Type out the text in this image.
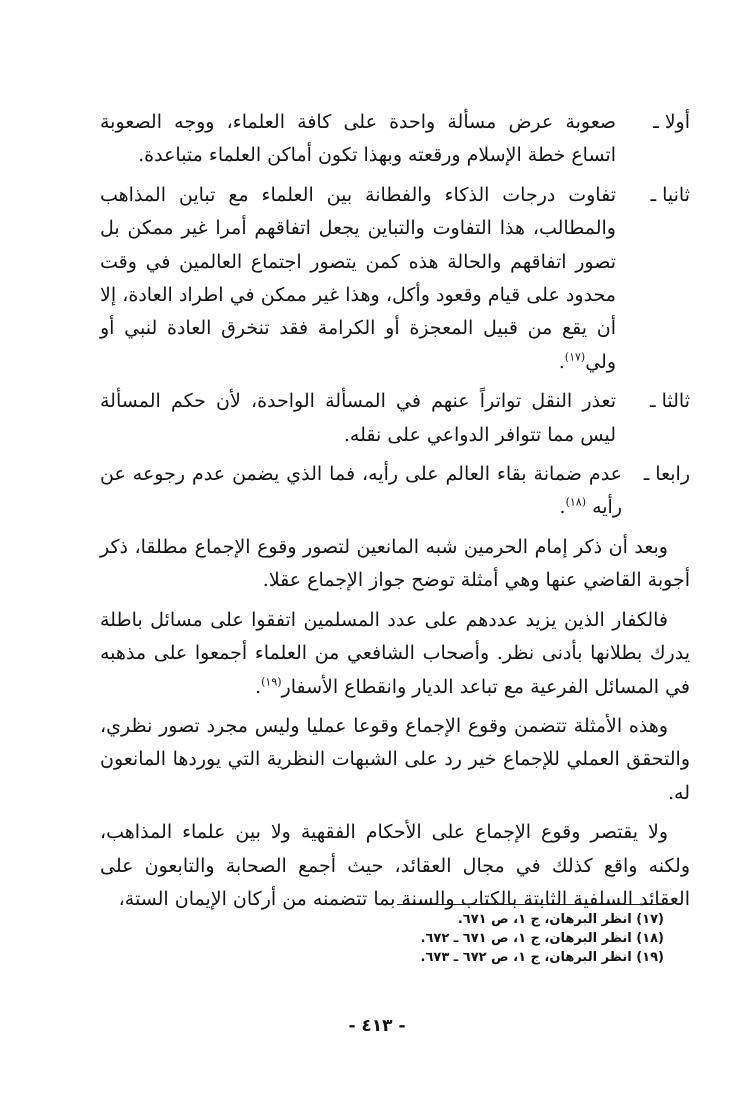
أولا ـ
صعوبة عرض مسألة واحدة على كافة العلماء، ووجه الصعوبة اتساع خطة الإسلام ورقعته وبهذا تكون أماكن العلماء متباعدة.
ثانيا ـ
تفاوت درجات الذكاء والفطانة بين العلماء مع تباين المذاهب والمطالب، هذا التفاوت والتباين يجعل اتفاقهم أمرا غير ممكن بل تصور اتفاقهم والحالة هذه كمن يتصور اجتماع العالمين في وقت محدود على قيام وقعود وأكل، وهذا غير ممكن في اطراد العادة، إلا أن يقع من قبيل المعجزة أو الكرامة فقد تنخرق العادة لنبي أو ولي$^{(١٧)}$.
ثالثا ـ
تعذر النقل تواتراً عنهم في المسألة الواحدة، لأن حكم المسألة ليس مما تتوافر الدواعي على نقله.
رابعا ـ
عدم ضمانة بقاء العالم على رأيه، فما الذي يضمن عدم رجوعه عن رأيه $^{(١٨)}$.

وبعد أن ذكر إمام الحرمين شبه المانعين لتصور وقوع الإجماع مطلقا، ذكر أجوبة القاضي عنها وهي أمثلة توضح جواز الإجماع عقلا.

فالكفار الذين يزيد عددهم على عدد المسلمين اتفقوا على مسائل باطلة يدرك بطلانها بأدنى نظر. وأصحاب الشافعي من العلماء أجمعوا على مذهبه في المسائل الفرعية مع تباعد الديار وانقطاع الأسفار$^{(١٩)}$.

وهذه الأمثلة تتضمن وقوع الإجماع وقوعا عمليا وليس مجرد تصور نظري، والتحقق العملي للإجماع خير رد على الشبهات النظرية التي يوردها المانعون له.

ولا يقتصر وقوع الإجماع على الأحكام الفقهية ولا بين علماء المذاهب، ولكنه واقع كذلك في مجال العقائد، حيث أجمع الصحابة والتابعون على العقائد السلفية الثابتة بالكتاب والسنة بما تتضمنه من أركان الإيمان الستة،

(١٧) انظر البرهان، ج ١، ص ٦٧١.
(١٨) انظر البرهان، ج ١، ص ٦٧١ ـ ٦٧٢.
(١٩) انظر البرهان، ج ١، ص ٦٧٢ ـ ٦٧٣.
- ٤١٣ -
